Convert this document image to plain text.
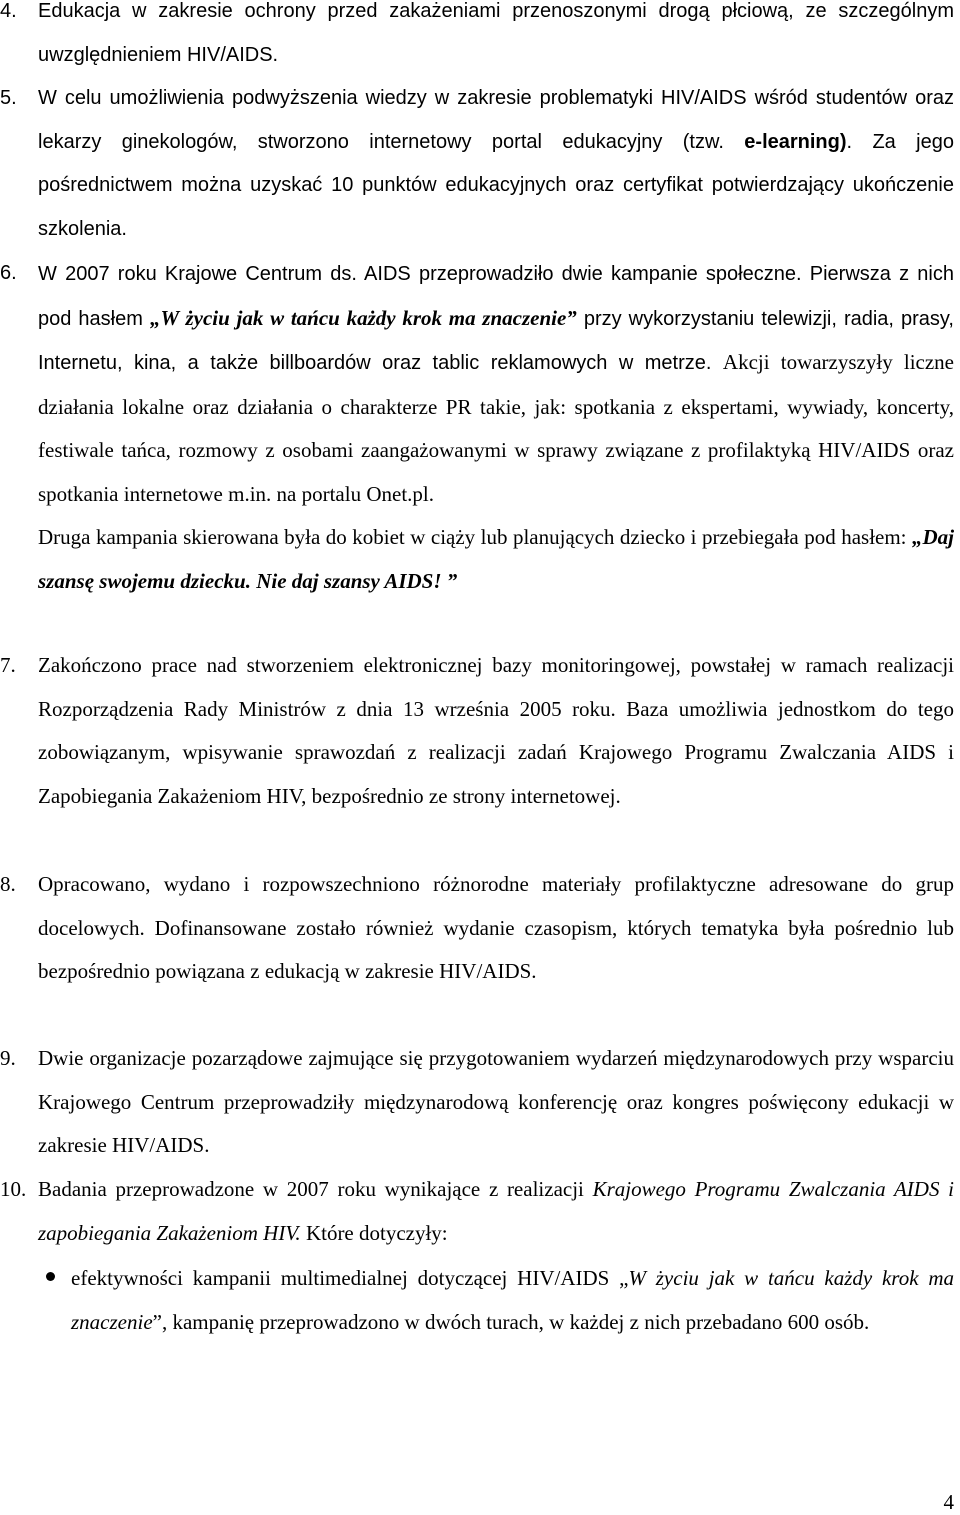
4. Edukacja w zakresie ochrony przed zakażeniami przenoszonymi drogą płciową, ze szczególnym uwzględnieniem HIV/AIDS.
5. W celu umożliwienia podwyższenia wiedzy w zakresie problematyki HIV/AIDS wśród studentów oraz lekarzy ginekologów, stworzono internetowy portal edukacyjny (tzw. e-learning). Za jego pośrednictwem można uzyskać 10 punktów edukacyjnych oraz certyfikat potwierdzający ukończenie szkolenia.
6. W 2007 roku Krajowe Centrum ds. AIDS przeprowadziło dwie kampanie społeczne. Pierwsza z nich pod hasłem „W życiu jak w tańcu każdy krok ma znaczenie” przy wykorzystaniu telewizji, radia, prasy, Internetu, kina, a także billboardów oraz tablic reklamowych w metrze. Akcji towarzyszyły liczne działania lokalne oraz działania o charakterze PR takie, jak: spotkania z ekspertami, wywiady, koncerty, festiwale tańca, rozmowy z osobami zaangażowanymi w sprawy związane z profilaktyką HIV/AIDS oraz spotkania internetowe m.in. na portalu Onet.pl.
Druga kampania skierowana była do kobiet w ciąży lub planujących dziecko i przebiegała pod hasłem: „Daj szansę swojemu dziecku. Nie daj szansy AIDS! ”
7. Zakończono prace nad stworzeniem elektronicznej bazy monitoringowej, powstałej w ramach realizacji Rozporządzenia Rady Ministrów z dnia 13 września 2005 roku. Baza umożliwia jednostkom do tego zobowiązanym, wpisywanie sprawozdań z realizacji zadań Krajowego Programu Zwalczania AIDS i Zapobiegania Zakażeniom HIV, bezpośrednio ze strony internetowej.
8. Opracowano, wydano i rozpowszechniono różnorodne materiały profilaktyczne adresowane do grup docelowych. Dofinansowane zostało również wydanie czasopism, których tematyka była pośrednio lub bezpośrednio powiązana z edukacją w zakresie HIV/AIDS.
9. Dwie organizacje pozarządowe zajmujące się przygotowaniem wydarzeń międzynarodowych przy wsparciu Krajowego Centrum przeprowadziły międzynarodową konferencję oraz kongres poświęcony edukacji w zakresie HIV/AIDS.
10. Badania przeprowadzone w 2007 roku wynikające z realizacji Krajowego Programu Zwalczania AIDS i zapobiegania Zakażeniom HIV. Które dotyczyły:
efektywności kampanii multimedialnej dotyczącej HIV/AIDS „W życiu jak w tańcu każdy krok ma znaczenie”, kampanię przeprowadzono w dwóch turach, w każdej z nich przebadano 600 osób.
4
